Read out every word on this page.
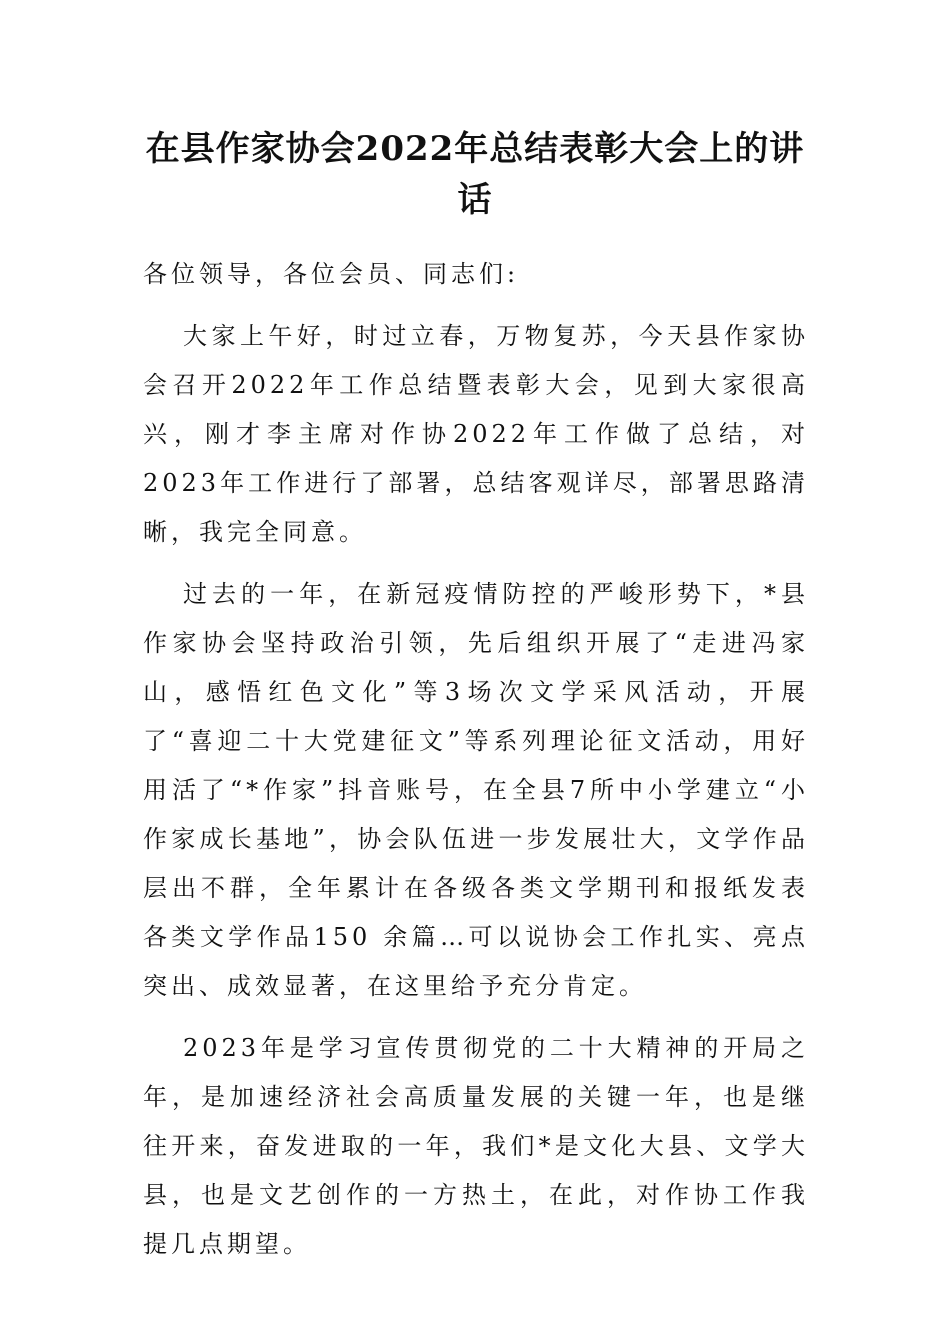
在县作家协会2022年总结表彰大会上的讲话

各位领导，各位会员、同志们:

大家上午好，时过立春，万物复苏，今天县作家协会召开2022年工作总结暨表彰大会，见到大家很高兴，刚才李主席对作协2022年工作做了总结，对2023年工作进行了部署，总结客观详尽，部署思路清晰，我完全同意。

过去的一年，在新冠疫情防控的严峻形势下，*县作家协会坚持政治引领，先后组织开展了“走进冯家山，感悟红色文化”等3场次文学采风活动，开展了“喜迎二十大党建征文”等系列理论征文活动，用好用活了“*作家”抖音账号，在全县7所中小学建立“小作家成长基地”，协会队伍进一步发展壮大，文学作品层出不群，全年累计在各级各类文学期刊和报纸发表各类文学作品150 余篇…可以说协会工作扎实、亮点突出、成效显著，在这里给予充分肯定。

2023年是学习宣传贯彻党的二十大精神的开局之年，是加速经济社会高质量发展的关键一年，也是继往开来，奋发进取的一年，我们*是文化大县、文学大县，也是文艺创作的一方热土，在此，对作协工作我提几点期望。
